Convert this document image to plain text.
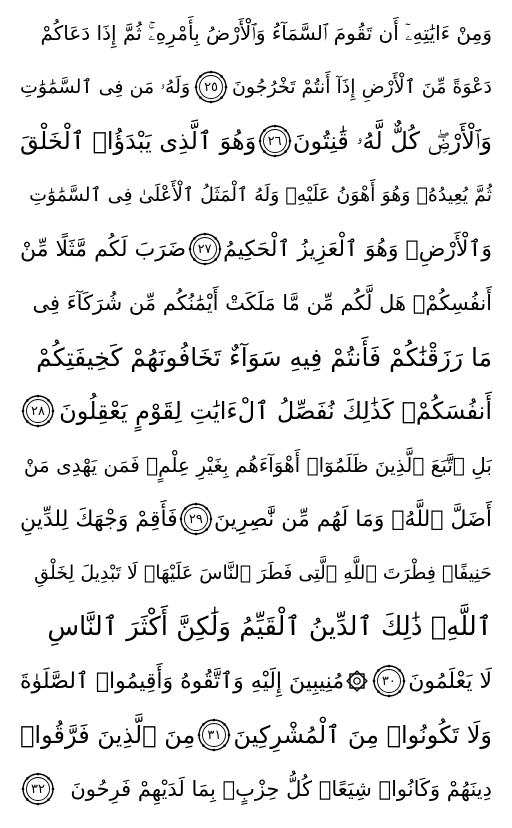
وَمِنْ ءَايَٰتِهِۦٓ أَن تَقُومَ ٱلسَّمَآءُ وَٱلْأَرْضُ بِأَمْرِهِۦۚ ثُمَّ إِذَا دَعَاكُمْ
دَعْوَةً مِّنَ ٱلْأَرْضِ إِذَآ أَنتُمْ تَخْرُجُونَ
٢٥
وَلَهُۥ مَن فِى ٱلسَّمَٰوَٰتِ
وَٱلْأَرْضِۖ كُلٌّ لَّهُۥ قَٰنِتُونَ
٢٦
وَهُوَ ٱلَّذِى يَبْدَؤُا۟ ٱلْخَلْقَ
ثُمَّ يُعِيدُهُۥ وَهُوَ أَهْوَنُ عَلَيْهِۚ وَلَهُ ٱلْمَثَلُ ٱلْأَعْلَىٰ فِى ٱلسَّمَٰوَٰتِ
وَٱلْأَرْضِۚ وَهُوَ ٱلْعَزِيزُ ٱلْحَكِيمُ
٢٧
ضَرَبَ لَكُم مَّثَلًا مِّنْ
أَنفُسِكُمْۖ هَل لَّكُم مِّن مَّا مَلَكَتْ أَيْمَٰنُكُم مِّن شُرَكَآءَ فِى
مَا رَزَقْنَٰكُمْ فَأَنتُمْ فِيهِ سَوَآءٌ تَخَافُونَهُمْ كَخِيفَتِكُمْ
أَنفُسَكُمْۚ كَذَٰلِكَ نُفَصِّلُ ٱلْءَايَٰتِ لِقَوْمٍ يَعْقِلُونَ
٢٨
بَلِ ٱتَّبَعَ ٱلَّذِينَ ظَلَمُوٓا۟ أَهْوَآءَهُم بِغَيْرِ عِلْمٍۖ فَمَن يَهْدِى مَنْ
أَضَلَّ ٱللَّهُۖ وَمَا لَهُم مِّن نَّٰصِرِينَ
٢٩
فَأَقِمْ وَجْهَكَ لِلدِّينِ
حَنِيفًاۚ فِطْرَتَ ٱللَّهِ ٱلَّتِى فَطَرَ ٱلنَّاسَ عَلَيْهَاۚ لَا تَبْدِيلَ لِخَلْقِ
ٱللَّهِۚ ذَٰلِكَ ٱلدِّينُ ٱلْقَيِّمُ وَلَٰكِنَّ أَكْثَرَ ٱلنَّاسِ
لَا يَعْلَمُونَ
٣٠
مُنِيبِينَ إِلَيْهِ وَٱتَّقُوهُ وَأَقِيمُوا۟ ٱلصَّلَوٰةَ
وَلَا تَكُونُوا۟ مِنَ ٱلْمُشْرِكِينَ
٣١
مِنَ ٱلَّذِينَ فَرَّقُوا۟
دِينَهُمْ وَكَانُوا۟ شِيَعًاۖ كُلُّ حِزْبٍۭ بِمَا لَدَيْهِمْ فَرِحُونَ
٣٢
